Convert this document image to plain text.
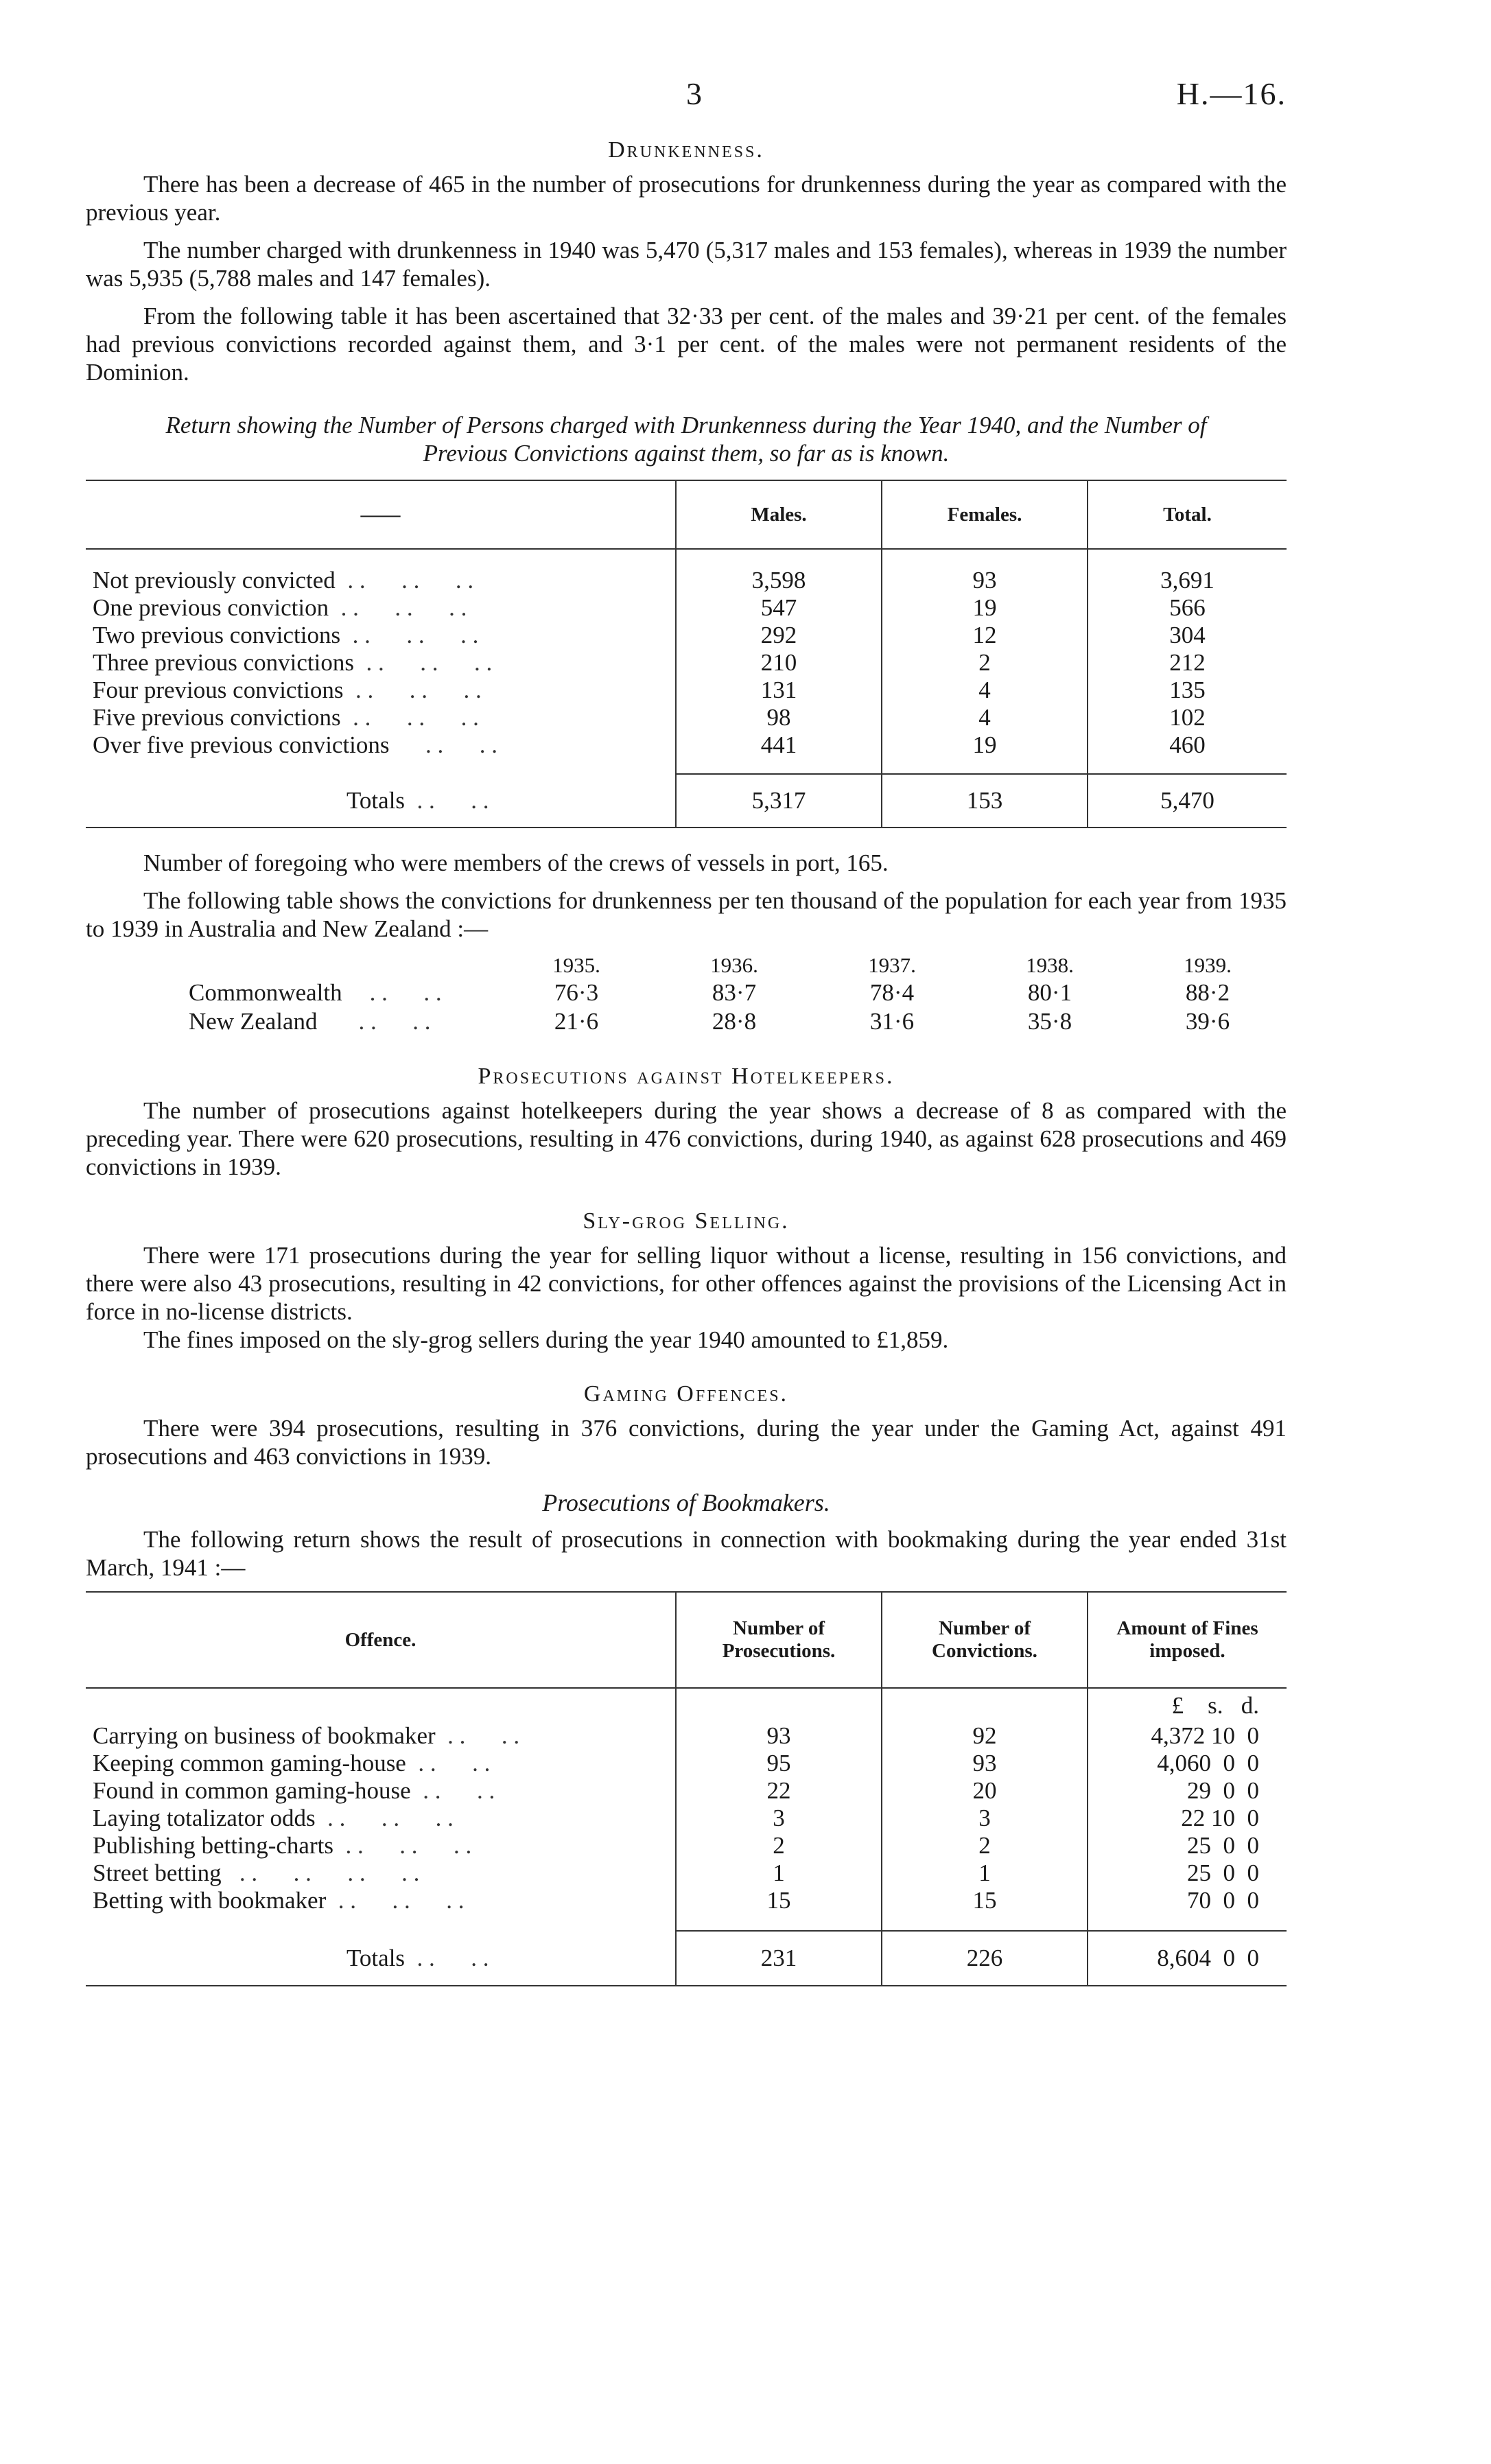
3	H.—16.
Drunkenness.

There has been a decrease of 465 in the number of prosecutions for drunkenness during the year as compared with the previous year.

The number charged with drunkenness in 1940 was 5,470 (5,317 males and 153 females), whereas in 1939 the number was 5,935 (5,788 males and 147 females).

From the following table it has been ascertained that 32·33 per cent. of the males and 39·21 per cent. of the females had previous convictions recorded against them, and 3·1 per cent. of the males were not permanent residents of the Dominion.

Return showing the Number of Persons charged with Drunkenness during the Year 1940, and the Number of Previous Convictions against them, so far as is known.
——	Males.	Females.	Total.

Not previously convicted  . .      . .      . .	3,598	93	3,691
One previous conviction  . .      . .      . .	547	19	566
Two previous convictions  . .      . .      . .	292	12	304
Three previous convictions  . .      . .      . .	210	2	212
Four previous convictions  . .      . .      . .	131	4	135
Five previous convictions  . .      . .      . .	98	4	102
Over five previous convictions      . .      . .	441	19	460

Totals  . .      . .	5,317	153	5,470

Number of foregoing who were members of the crews of vessels in port, 165.

The following table shows the convictions for drunkenness per ten thousand of the population for each year from 1935 to 1939 in Australia and New Zealand :—

	1935.	1936.	1937.	1938.	1939.
Commonwealth . .      . .	76·3	83·7	78·4	80·1	88·2
New Zealand . .      . .	21·6	28·8	31·6	35·8	39·6
Prosecutions against Hotelkeepers.

The number of prosecutions against hotelkeepers during the year shows a decrease of 8 as compared with the preceding year. There were 620 prosecutions, resulting in 476 convictions, during 1940, as against 628 prosecutions and 469 convictions in 1939.

Sly-grog Selling.

There were 171 prosecutions during the year for selling liquor without a license, resulting in 156 convictions, and there were also 43 prosecutions, resulting in 42 convictions, for other offences against the provisions of the Licensing Act in force in no-license districts.

The fines imposed on the sly-grog sellers during the year 1940 amounted to £1,859.

Gaming Offences.

There were 394 prosecutions, resulting in 376 convictions, during the year under the Gaming Act, against 491 prosecutions and 463 convictions in 1939.

Prosecutions of Bookmakers.

The following return shows the result of prosecutions in connection with bookmaking during the year ended 31st March, 1941 :—

Offence.	Number of Prosecutions.	Number of Convictions.	Amount of Fines imposed.
			£    s.   d.
Carrying on business of bookmaker  . .      . .	93	92	4,372 10  0
Keeping common gaming-house  . .      . .	95	93	4,060  0  0
Found in common gaming-house  . .      . .	22	20	29  0  0
Laying totalizator odds  . .      . .      . .	3	3	22 10  0
Publishing betting-charts  . .      . .      . .	2	2	25  0  0
Street betting   . .      . .      . .      . .	1	1	25  0  0
Betting with bookmaker  . .      . .      . .	15	15	70  0  0

Totals  . .      . .	231	226	8,604  0  0
